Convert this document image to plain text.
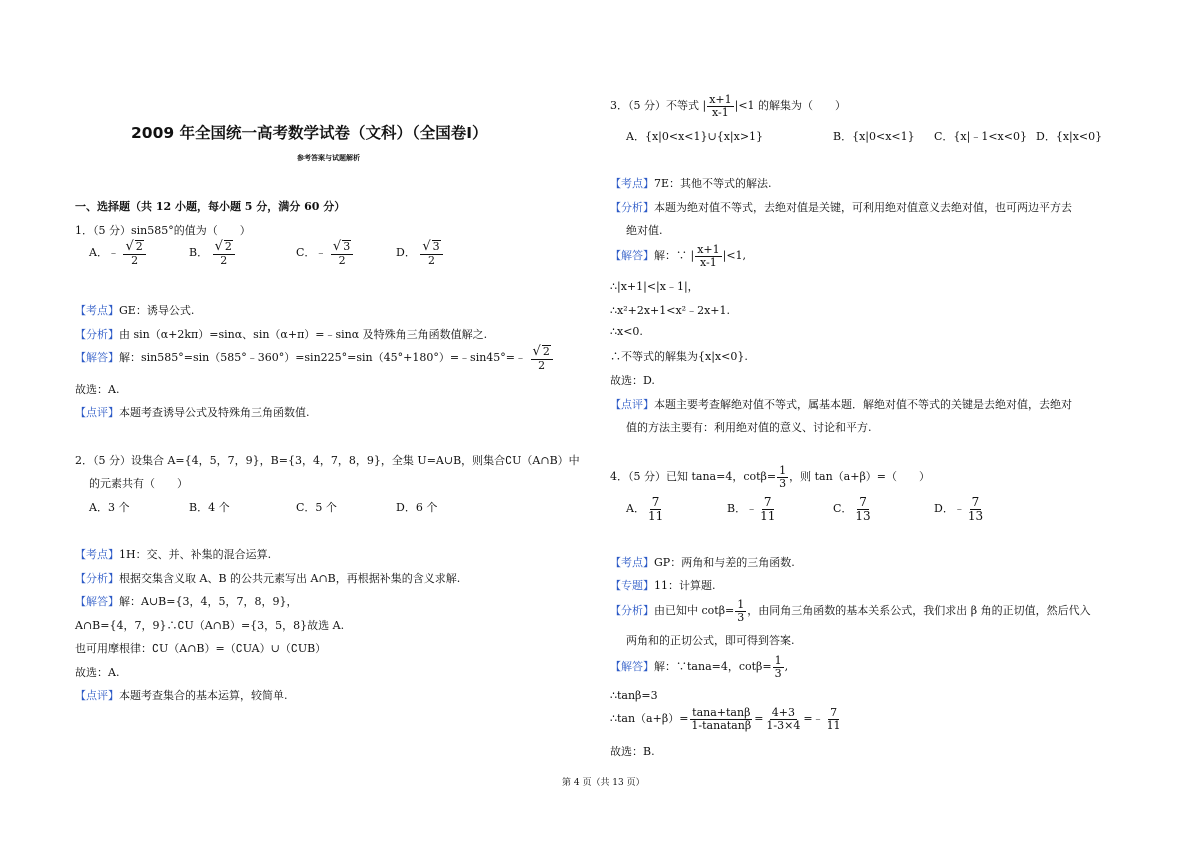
2009 年全国统一高考数学试卷（文科）（全国卷Ⅰ）
参考答案与试题解析
一、选择题（共 12 小题，每小题 5 分，满分 60 分）
1．（5 分）sin585°的值为（　　）
A．﹣ $\frac{√ 2}{2}$	B． $\frac{√ 2}{2}$	C．﹣ $\frac{√ 3}{2}$	D． $\frac{√ 3}{2}$
【考点】GE：诱导公式.
【分析】由 sin（α+2kπ）=sinα、sin（α+π）=﹣sinα 及特殊角三角函数值解之.
【解答】解：sin585°=sin（585°﹣360°）=sin225°=sin（45°+180°）=﹣sin45°=﹣ $\frac{√ 2}{2}$
故选：A.
【点评】本题考查诱导公式及特殊角三角函数值.
2．（5 分）设集合 A={4，5，7，9}，B={3，4，7，8，9}，全集 U=A∪B，则集合∁U（A∩B）中
的元素共有（　　）
A．3 个	B．4 个	C．5 个	D．6 个
【考点】1H：交、并、补集的混合运算.
【分析】根据交集含义取 A、B 的公共元素写出 A∩B，再根据补集的含义求解.
【解答】解：A∪B={3，4，5，7，8，9}，
A∩B={4，7，9}∴∁U（A∩B）={3，5，8}故选 A.
也可用摩根律：∁U（A∩B）=（∁UA）∪（∁UB）
故选：A.
【点评】本题考查集合的基本运算，较简单.
3．（5 分）不等式 | $\frac{x+1}{x-1} |<1$ 的解集为（　　）
A．{x|0<x<1}∪{x|x>1}	B．{x|0<x<1} C．{x|﹣1<x<0} D．{x|x<0}
【考点】7E：其他不等式的解法.
【分析】本题为绝对值不等式，去绝对值是关键，可利用绝对值意义去绝对值，也可两边平方去
绝对值.
【解答】解：∵ | $\frac{x+1}{x-1} |<1$,
∴|x+1|<|x﹣1|，
∴x²+2x+1<x²﹣2x+1.
∴x<0.
∴不等式的解集为{x|x<0}.
故选：D.
【点评】本题主要考查解绝对值不等式，属基本题．解绝对值不等式的关键是去绝对值，去绝对
值的方法主要有：利用绝对值的意义、讨论和平方.
4．（5 分）已知 tana=4，$\cot\beta= \frac{1}{3}$ ，则 tan（a+β）=（　　）
A． $\frac{7}{11}$	B．﹣ $\frac{7}{11}$	C． $\frac{7}{13}$	D．﹣ $\frac{7}{13}$
【考点】GP：两角和与差的三角函数.
【专题】11：计算题.
【分析】由已知中 $\cot\beta= \frac{1}{3}$ ，由同角三角函数的基本关系公式，我们求出 β 角的正切值，然后代入
两角和的正切公式，即可得到答案.
【解答】解：∵tana=4，$\cot\beta= \frac{1}{3}$ ,
∴tanβ=3
∴tan（a+β）= $\frac{\tan a+\tan\beta}{\text{1-tanatanβ}} = \frac{4+3}{1-3\times 4}$ =﹣ $\frac{7}{11}$
故选：B.
第 4 页（共 13 页）
